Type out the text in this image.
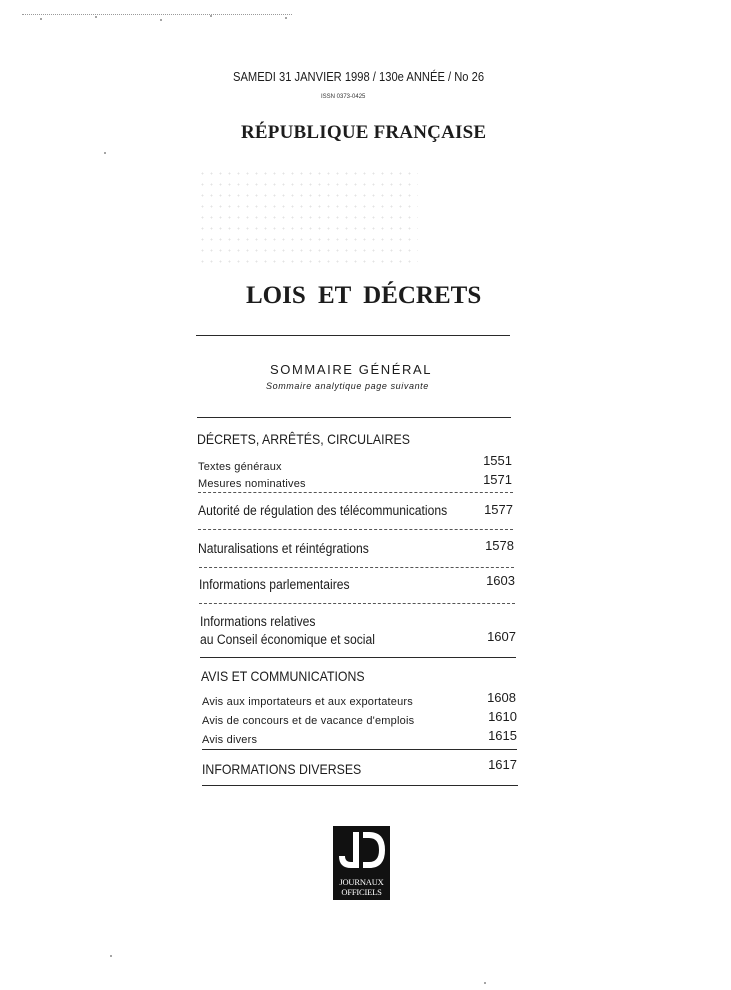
SAMEDI 31 JANVIER 1998 / 130e ANNÉE / No 26
ISSN 0373-0425
RÉPUBLIQUE FRANÇAISE
LOIS ET DÉCRETS
SOMMAIRE GÉNÉRAL
Sommaire analytique page suivante
DÉCRETS, ARRÊTÉS, CIRCULAIRES
Textes généraux	1551
Mesures nominatives	1571
Autorité de régulation des télécommunications	1577
Naturalisations et réintégrations	1578
Informations parlementaires	1603
Informations relatives
au Conseil économique et social	1607
AVIS ET COMMUNICATIONS
Avis aux importateurs et aux exportateurs	1608
Avis de concours et de vacance d'emplois	1610
Avis divers	1615
INFORMATIONS DIVERSES	1617
JOURNAUX
OFFICIELS
